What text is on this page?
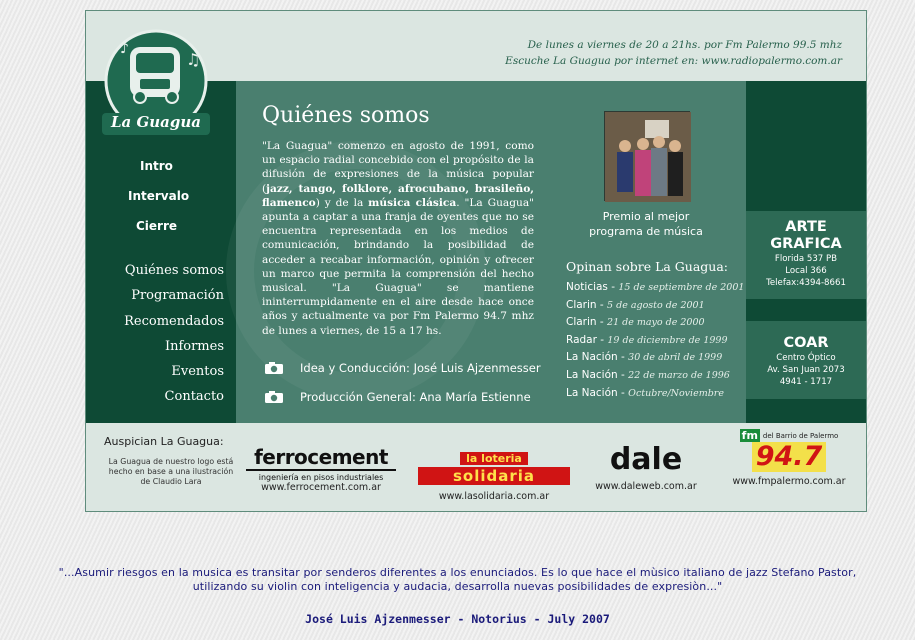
De lunes a viernes de 20 a 21hs. por Fm Palermo 99.5 mhz
Escuche La Guagua por internet en: www.radiopalermo.com.ar
♪
♫
La Guagua
Intro
Intervalo
Cierre
Quiénes somos
Programación
Recomendados
Informes
Eventos
Contacto
Quiénes somos
"La Guagua" comenzo en agosto de 1991, como un espacio radial concebido con el propósito de la difusión de expresiones de la música popular (jazz, tango, folklore, afrocubano, brasileño, flamenco) y de la música clásica. "La Guagua" apunta a captar a una franja de oyentes que no se encuentra representada en los medios de comunicación, brindando la posibilidad de acceder a recabar información, opinión y ofrecer un marco que permita la comprensión del hecho musical. "La Guagua" se mantiene ininterrumpidamente en el aire desde hace once años y actualmente va por Fm Palermo 94.7 mhz de lunes a viernes, de 15 a 17 hs.
Idea y Conducción: José Luis Ajzenmesser
Producción General: Ana María Estienne
Premio al mejor
programa de música
Opinan sobre La Guagua:
Noticias - 15 de septiembre de 2001
Clarin - 5 de agosto de 2001
Clarin - 21 de mayo de 2000
Radar - 19 de diciembre de 1999
La Nación - 30 de abril de 1999
La Nación - 22 de marzo de 1996
La Nación - Octubre/Noviembre
ARTE
GRAFICA
Florida 537 PB
Local 366
Telefax:4394-8661
COAR
Centro Óptico
Av. San Juan 2073
4941 - 1717
Auspician La Guagua:
La Guagua de nuestro logo está hecho en base a una ilustración de Claudio Lara
ferrocement
ingeniería en pisos industriales
www.ferrocement.com.ar
la loteria
solidaria
www.lasolidaria.com.ar
dale
www.daleweb.com.ar
fm del Barrio de Palermo
94.7
www.fmpalermo.com.ar
"...Asumir riesgos en la musica es transitar por senderos diferentes a los enunciados. Es lo que hace el mùsico italiano de jazz Stefano Pastor,
utilizando su violin con inteligencia y audacia, desarrolla nuevas posibilidades de expresiòn..."
José Luis Ajzenmesser - Notorius - July 2007
